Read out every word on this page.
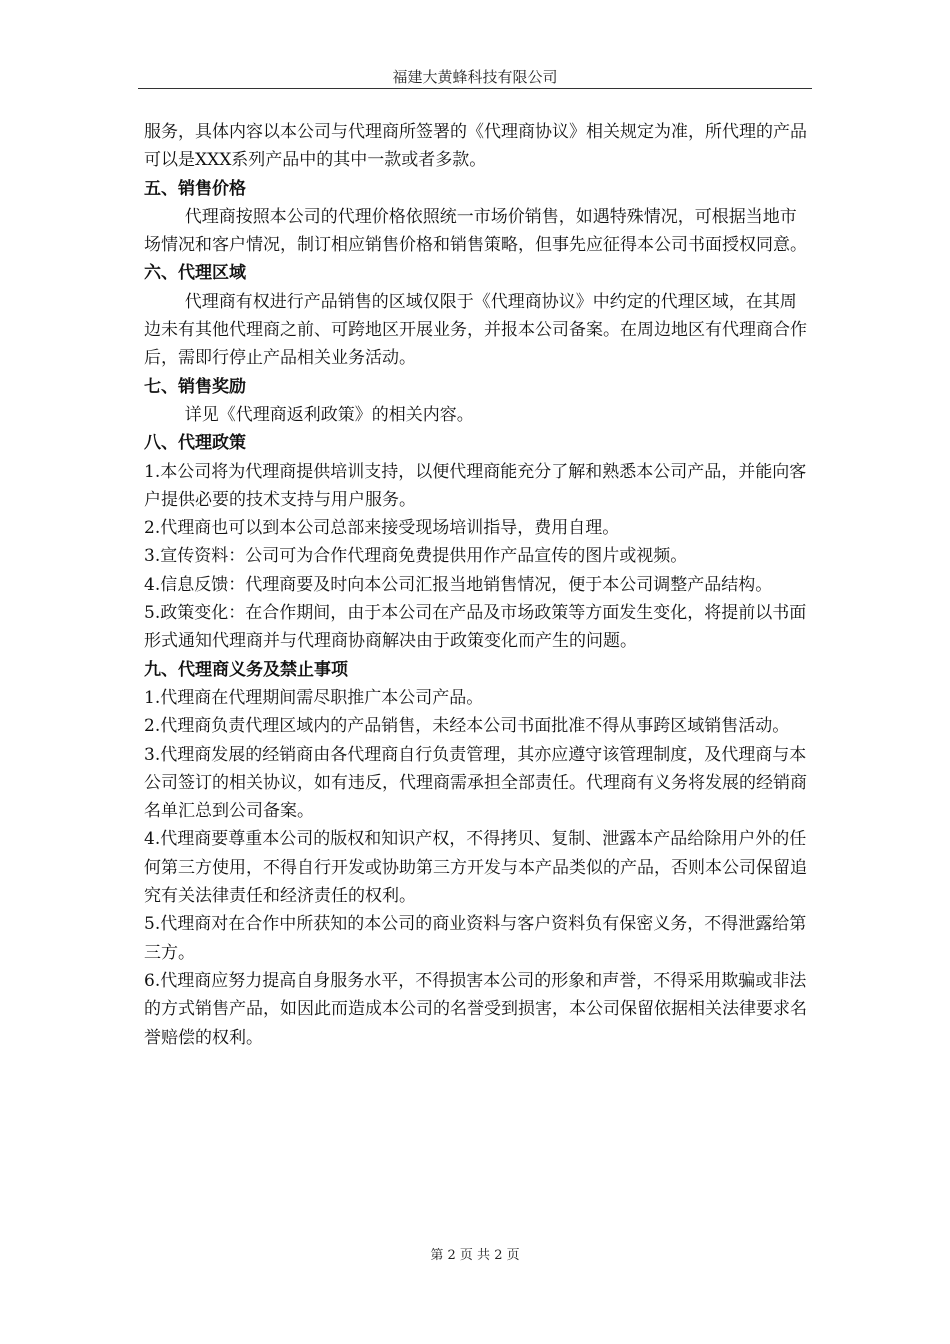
福建大黄蜂科技有限公司

服务，具体内容以本公司与代理商所签署的《代理商协议》相关规定为准，所代理的产品可以是XXX系列产品中的其中一款或者多款。

五、销售价格

代理商按照本公司的代理价格依照统一市场价销售，如遇特殊情况，可根据当地市场情况和客户情况，制订相应销售价格和销售策略，但事先应征得本公司书面授权同意。

六、代理区域

代理商有权进行产品销售的区域仅限于《代理商协议》中约定的代理区域，在其周边未有其他代理商之前、可跨地区开展业务，并报本公司备案。在周边地区有代理商合作后，需即行停止产品相关业务活动。

七、销售奖励

详见《代理商返利政策》的相关内容。

八、代理政策

1.本公司将为代理商提供培训支持，以便代理商能充分了解和熟悉本公司产品，并能向客户提供必要的技术支持与用户服务。

2.代理商也可以到本公司总部来接受现场培训指导，费用自理。

3.宣传资料：公司可为合作代理商免费提供用作产品宣传的图片或视频。

4.信息反馈：代理商要及时向本公司汇报当地销售情况，便于本公司调整产品结构。

5.政策变化：在合作期间，由于本公司在产品及市场政策等方面发生变化，将提前以书面形式通知代理商并与代理商协商解决由于政策变化而产生的问题。

九、代理商义务及禁止事项

1.代理商在代理期间需尽职推广本公司产品。

2.代理商负责代理区域内的产品销售，未经本公司书面批准不得从事跨区域销售活动。

3.代理商发展的经销商由各代理商自行负责管理，其亦应遵守该管理制度，及代理商与本公司签订的相关协议，如有违反，代理商需承担全部责任。代理商有义务将发展的经销商名单汇总到公司备案。

4.代理商要尊重本公司的版权和知识产权，不得拷贝、复制、泄露本产品给除用户外的任何第三方使用，不得自行开发或协助第三方开发与本产品类似的产品，否则本公司保留追究有关法律责任和经济责任的权利。

5.代理商对在合作中所获知的本公司的商业资料与客户资料负有保密义务，不得泄露给第三方。

6.代理商应努力提高自身服务水平，不得损害本公司的形象和声誉，不得采用欺骗或非法的方式销售产品，如因此而造成本公司的名誉受到损害，本公司保留依据相关法律要求名誉赔偿的权利。

第 2 页 共 2 页
